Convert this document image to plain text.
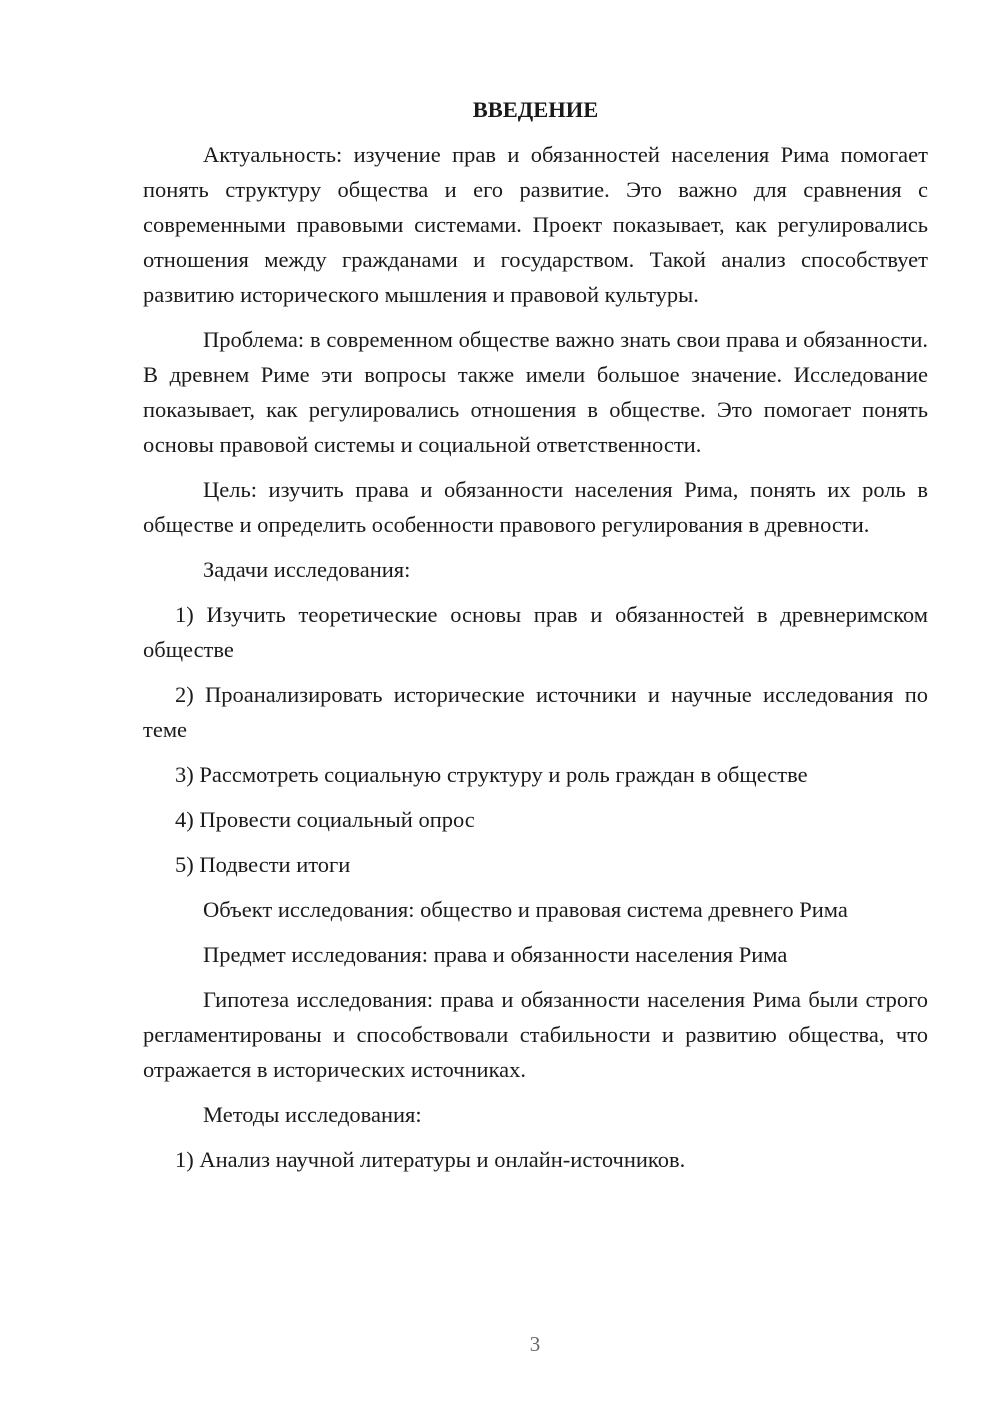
ВВЕДЕНИЕ

Актуальность: изучение прав и обязанностей населения Рима помогает понять структуру общества и его развитие. Это важно для сравнения с современными правовыми системами. Проект показывает, как регулировались отношения между гражданами и государством. Такой анализ способствует развитию исторического мышления и правовой культуры.

Проблема: в современном обществе важно знать свои права и обязанности. В древнем Риме эти вопросы также имели большое значение. Исследование показывает, как регулировались отношения в обществе. Это помогает понять основы правовой системы и социальной ответственности.

Цель: изучить права и обязанности населения Рима, понять их роль в обществе и определить особенности правового регулирования в древности.

Задачи исследования:

1) Изучить теоретические основы прав и обязанностей в древнеримском обществе

2) Проанализировать исторические источники и научные исследования по теме

3) Рассмотреть социальную структуру и роль граждан в обществе

4) Провести социальный опрос

5) Подвести итоги

Объект исследования: общество и правовая система древнего Рима

Предмет исследования: права и обязанности населения Рима

Гипотеза исследования: права и обязанности населения Рима были строго регламентированы и способствовали стабильности и развитию общества, что отражается в исторических источниках.

Методы исследования:

1) Анализ научной литературы и онлайн-источников.

3
